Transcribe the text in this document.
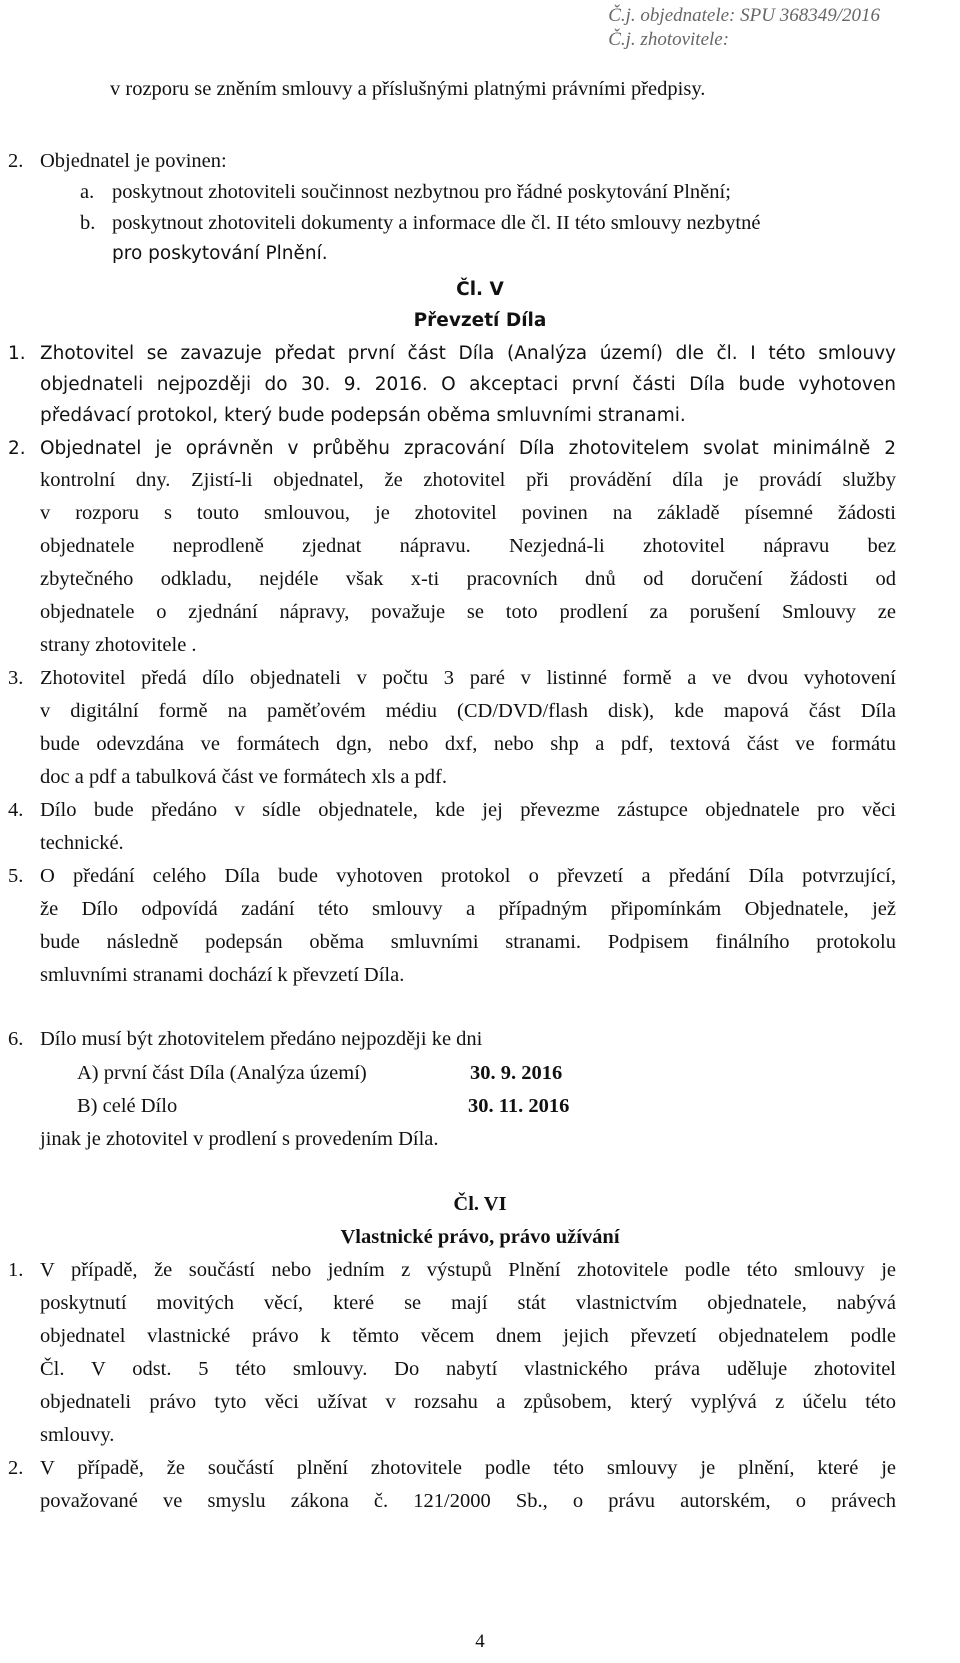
Č.j. objednatele: SPU 368349/2016
Č.j. zhotovitele:
v rozporu se zněním smlouvy a příslušnými platnými právními předpisy.
2. Objednatel je povinen:
a. poskytnout zhotoviteli součinnost nezbytnou pro řádné poskytování Plnění;
b. poskytnout zhotoviteli dokumenty a informace dle čl. II této smlouvy nezbytné
pro poskytování Plnění.
Čl. V
Převzetí Díla
1. Zhotovitel se zavazuje předat první část Díla (Analýza území) dle čl. I této smlouvy
objednateli nejpozději do 30. 9. 2016. O akceptaci první části Díla bude vyhotoven
předávací protokol, který bude podepsán oběma smluvními stranami.
2. Objednatel je oprávněn v průběhu zpracování Díla zhotovitelem svolat minimálně 2
kontrolní dny. Zjistí-li objednatel, že zhotovitel při provádění díla je provádí služby
v rozporu s touto smlouvou, je zhotovitel povinen na základě písemné žádosti
objednatele neprodleně zjednat nápravu. Nezjedná-li zhotovitel nápravu bez
zbytečného odkladu, nejdéle však x-ti pracovních dnů od doručení žádosti od
objednatele o zjednání nápravy, považuje se toto prodlení za porušení Smlouvy ze
strany zhotovitele .
3. Zhotovitel předá dílo objednateli v počtu 3 paré v listinné formě a ve dvou vyhotovení
v digitální formě na paměťovém médiu (CD/DVD/flash disk), kde mapová část Díla
bude odevzdána ve formátech dgn, nebo dxf, nebo shp a pdf, textová část ve formátu
doc a pdf a tabulková část ve formátech xls a pdf.
4. Dílo bude předáno v sídle objednatele, kde jej převezme zástupce objednatele pro věci
technické.
5. O předání celého Díla bude vyhotoven protokol o převzetí a předání Díla potvrzující,
že Dílo odpovídá zadání této smlouvy a případným připomínkám Objednatele, jež
bude následně podepsán oběma smluvními stranami. Podpisem finálního protokolu
smluvními stranami dochází k převzetí Díla.
6. Dílo musí být zhotovitelem předáno nejpozději ke dni
A) první část Díla (Analýza území)	30. 9. 2016
B) celé Dílo	30. 11. 2016
jinak je zhotovitel v prodlení s provedením Díla.
Čl. VI
Vlastnické právo, právo užívání
1. V případě, že součástí nebo jedním z výstupů Plnění zhotovitele podle této smlouvy je
poskytnutí movitých věcí, které se mají stát vlastnictvím objednatele, nabývá
objednatel vlastnické právo k těmto věcem dnem jejich převzetí objednatelem podle
Čl. V odst. 5 této smlouvy. Do nabytí vlastnického práva uděluje zhotovitel
objednateli právo tyto věci užívat v rozsahu a způsobem, který vyplývá z účelu této
smlouvy.
2. V případě, že součástí plnění zhotovitele podle této smlouvy je plnění, které je
považované ve smyslu zákona č. 121/2000 Sb., o právu autorském, o právech
4
